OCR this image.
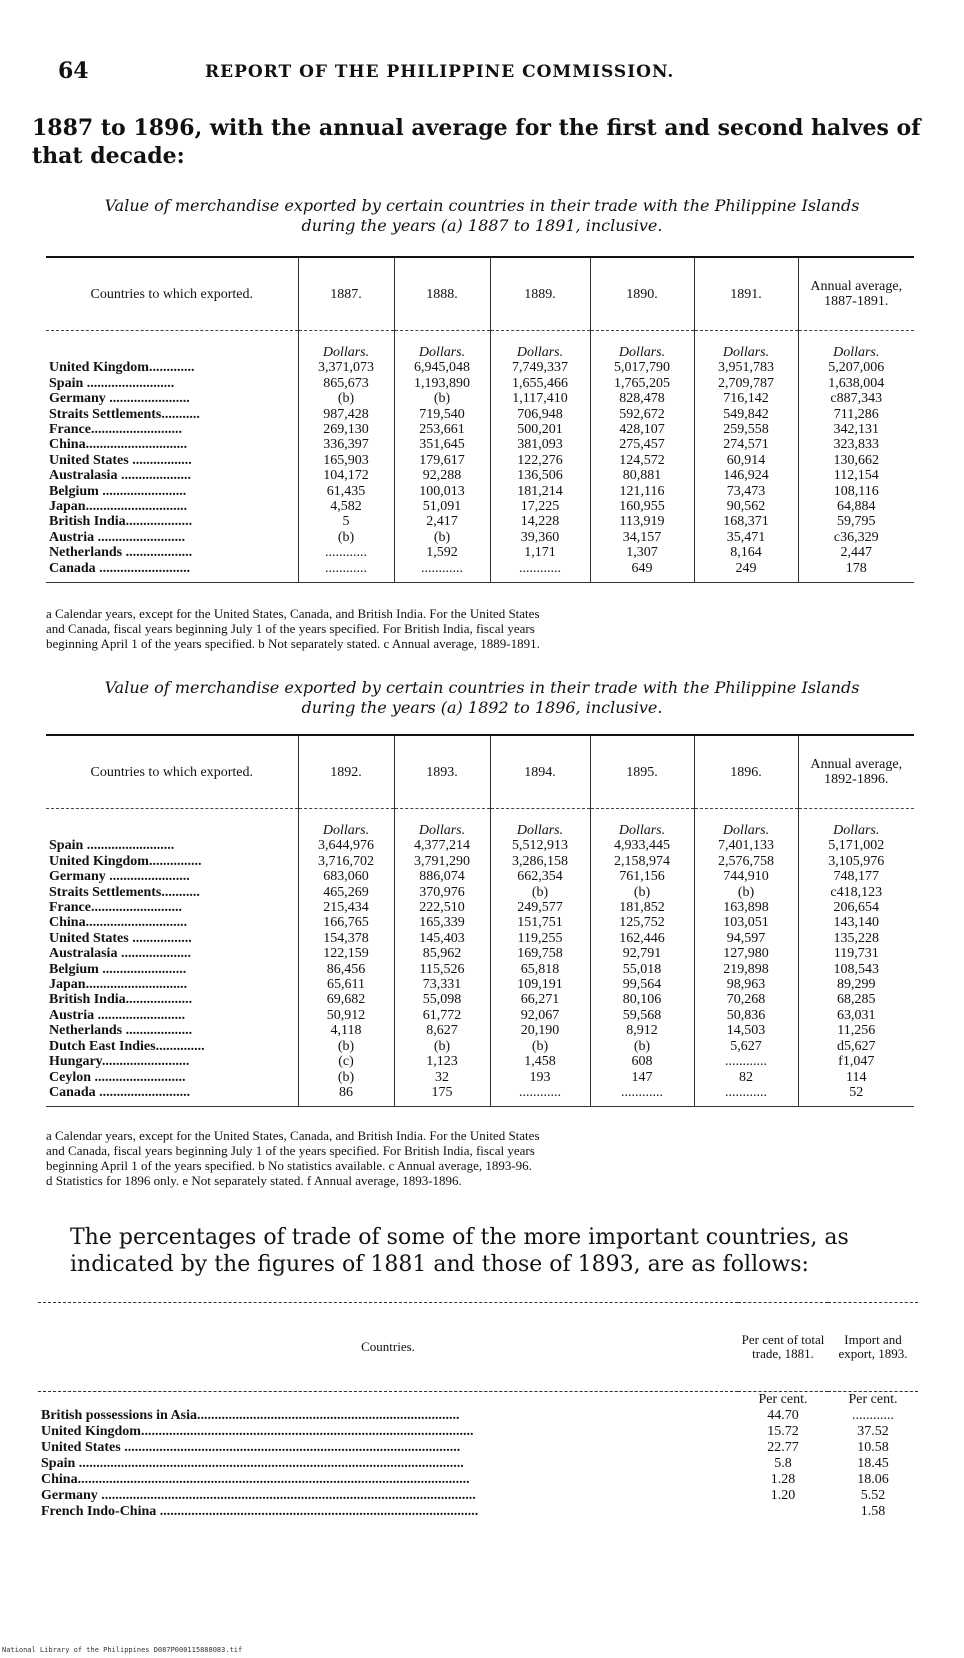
64	REPORT OF THE PHILIPPINE COMMISSION.
1887 to 1896, with the annual average for the first and second halves of that decade:
Value of merchandise exported by certain countries in their trade with the Philippine Islands
during the years (a) 1887 to 1891, inclusive.
Countries to which exported.	1887.	1888.	1889.	1890.	1891.	Annual average, 1887-1891.
	Dollars.	Dollars.	Dollars.	Dollars.	Dollars.	Dollars.
United Kingdom.............	3,371,073	6,945,048	7,749,337	5,017,790	3,951,783	5,207,006
Spain .........................	865,673	1,193,890	1,655,466	1,765,205	2,709,787	1,638,004
Germany .......................	(b)	(b)	1,117,410	828,478	716,142	c887,343
Straits Settlements...........	987,428	719,540	706,948	592,672	549,842	711,286
France..........................	269,130	253,661	500,201	428,107	259,558	342,131
China.............................	336,397	351,645	381,093	275,457	274,571	323,833
United States .................	165,903	179,617	122,276	124,572	60,914	130,662
Australasia ....................	104,172	92,288	136,506	80,881	146,924	112,154
Belgium ........................	61,435	100,013	181,214	121,116	73,473	108,116
Japan.............................	4,582	51,091	17,225	160,955	90,562	64,884
British India...................	5	2,417	14,228	113,919	168,371	59,795
Austria .........................	(b)	(b)	39,360	34,157	35,471	c36,329
Netherlands ...................	............	1,592	1,171	1,307	8,164	2,447
Canada ..........................	............	............	............	649	249	178
a Calendar years, except for the United States, Canada, and British India. For the United States
and Canada, fiscal years beginning July 1 of the years specified. For British India, fiscal years
beginning April 1 of the years specified. b Not separately stated. c Annual average, 1889-1891.
Value of merchandise exported by certain countries in their trade with the Philippine Islands
during the years (a) 1892 to 1896, inclusive.
Countries to which exported.	1892.	1893.	1894.	1895.	1896.	Annual average, 1892-1896.
	Dollars.	Dollars.	Dollars.	Dollars.	Dollars.	Dollars.
Spain .........................	3,644,976	4,377,214	5,512,913	4,933,445	7,401,133	5,171,002
United Kingdom...............	3,716,702	3,791,290	3,286,158	2,158,974	2,576,758	3,105,976
Germany .......................	683,060	886,074	662,354	761,156	744,910	748,177
Straits Settlements...........	465,269	370,976	(b)	(b)	(b)	c418,123
France..........................	215,434	222,510	249,577	181,852	163,898	206,654
China.............................	166,765	165,339	151,751	125,752	103,051	143,140
United States .................	154,378	145,403	119,255	162,446	94,597	135,228
Australasia ....................	122,159	85,962	169,758	92,791	127,980	119,731
Belgium ........................	86,456	115,526	65,818	55,018	219,898	108,543
Japan.............................	65,611	73,331	109,191	99,564	98,963	89,299
British India...................	69,682	55,098	66,271	80,106	70,268	68,285
Austria .........................	50,912	61,772	92,067	59,568	50,836	63,031
Netherlands ...................	4,118	8,627	20,190	8,912	14,503	11,256
Dutch East Indies..............	(b)	(b)	(b)	(b)	5,627	d5,627
Hungary.........................	(c)	1,123	1,458	608	............	f1,047
Ceylon ..........................	(b)	32	193	147	82	114
Canada ..........................	86	175	............	............	............	52
a Calendar years, except for the United States, Canada, and British India. For the United States
and Canada, fiscal years beginning July 1 of the years specified. For British India, fiscal years
beginning April 1 of the years specified. b No statistics available. c Annual average, 1893-96.
d Statistics for 1896 only. e Not separately stated. f Annual average, 1893-1896.
The percentages of trade of some of the more important countries, as indicated by the figures of 1881 and those of 1893, are as follows:
Countries.	Per cent of total trade, 1881.	Import and export, 1893.
	Per cent.	Per cent.
British possessions in Asia...........................................................................	44.70	............
United Kingdom...............................................................................................	15.72	37.52
United States ................................................................................................	22.77	10.58
Spain ..............................................................................................................	5.8	18.45
China................................................................................................................	1.28	18.06
Germany ...........................................................................................................	1.20	5.52
French Indo-China ...........................................................................................		1.58
National Library of the Philippines D087P000115888083.tif
